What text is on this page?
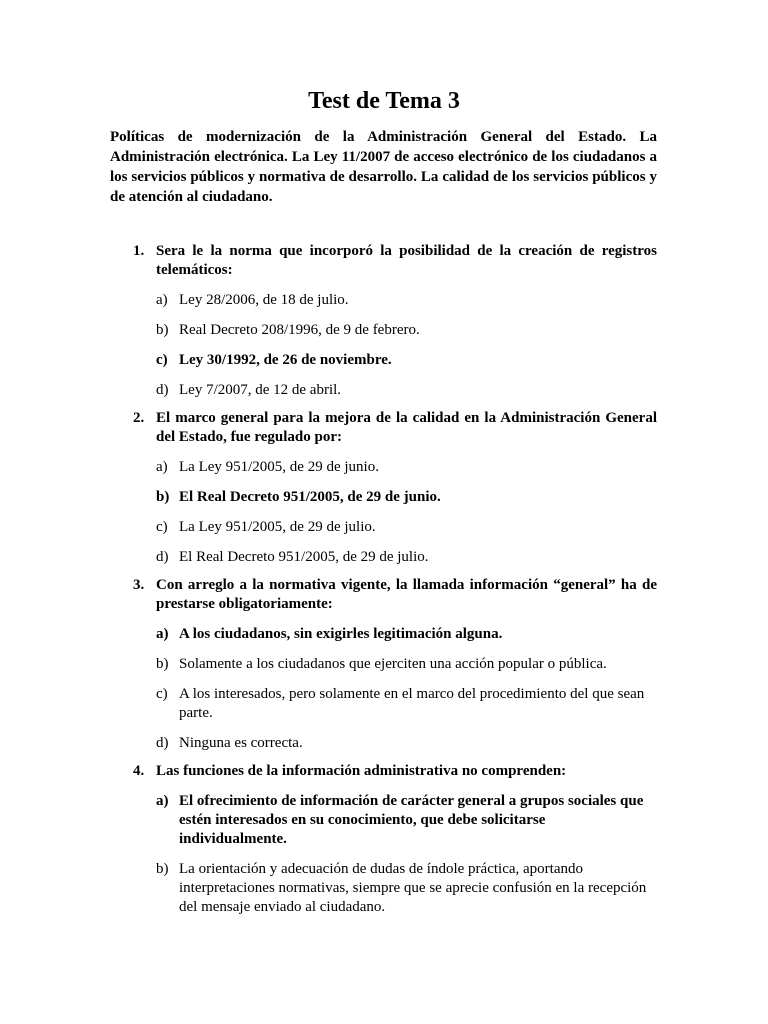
Test de Tema 3
Políticas de modernización de la Administración General del Estado. La Administración electrónica. La Ley 11/2007 de acceso electrónico de los ciudadanos a los servicios públicos y normativa de desarrollo. La calidad de los servicios públicos y de atención al ciudadano.
1. Sera le la norma que incorporó la posibilidad de la creación de registros telemáticos:
a) Ley 28/2006, de 18 de julio.
b) Real Decreto 208/1996, de 9 de febrero.
c) Ley 30/1992, de 26 de noviembre.
d) Ley 7/2007, de 12 de abril.
2. El marco general para la mejora de la calidad en la Administración General del Estado, fue regulado por:
a) La Ley 951/2005, de 29 de junio.
b) El Real Decreto 951/2005, de 29 de junio.
c) La Ley 951/2005, de 29 de julio.
d) El Real Decreto 951/2005, de 29 de julio.
3. Con arreglo a la normativa vigente, la llamada información “general” ha de prestarse obligatoriamente:
a) A los ciudadanos, sin exigirles legitimación alguna.
b) Solamente a los ciudadanos que ejerciten una acción popular o pública.
c) A los interesados, pero solamente en el marco del procedimiento del que sean parte.
d) Ninguna es correcta.
4. Las funciones de la información administrativa no comprenden:
a) El ofrecimiento de información de carácter general a grupos sociales que estén interesados en su conocimiento, que debe solicitarse individualmente.
b) La orientación y adecuación de dudas de índole práctica, aportando interpretaciones normativas, siempre que se aprecie confusión en la recepción del mensaje enviado al ciudadano.
